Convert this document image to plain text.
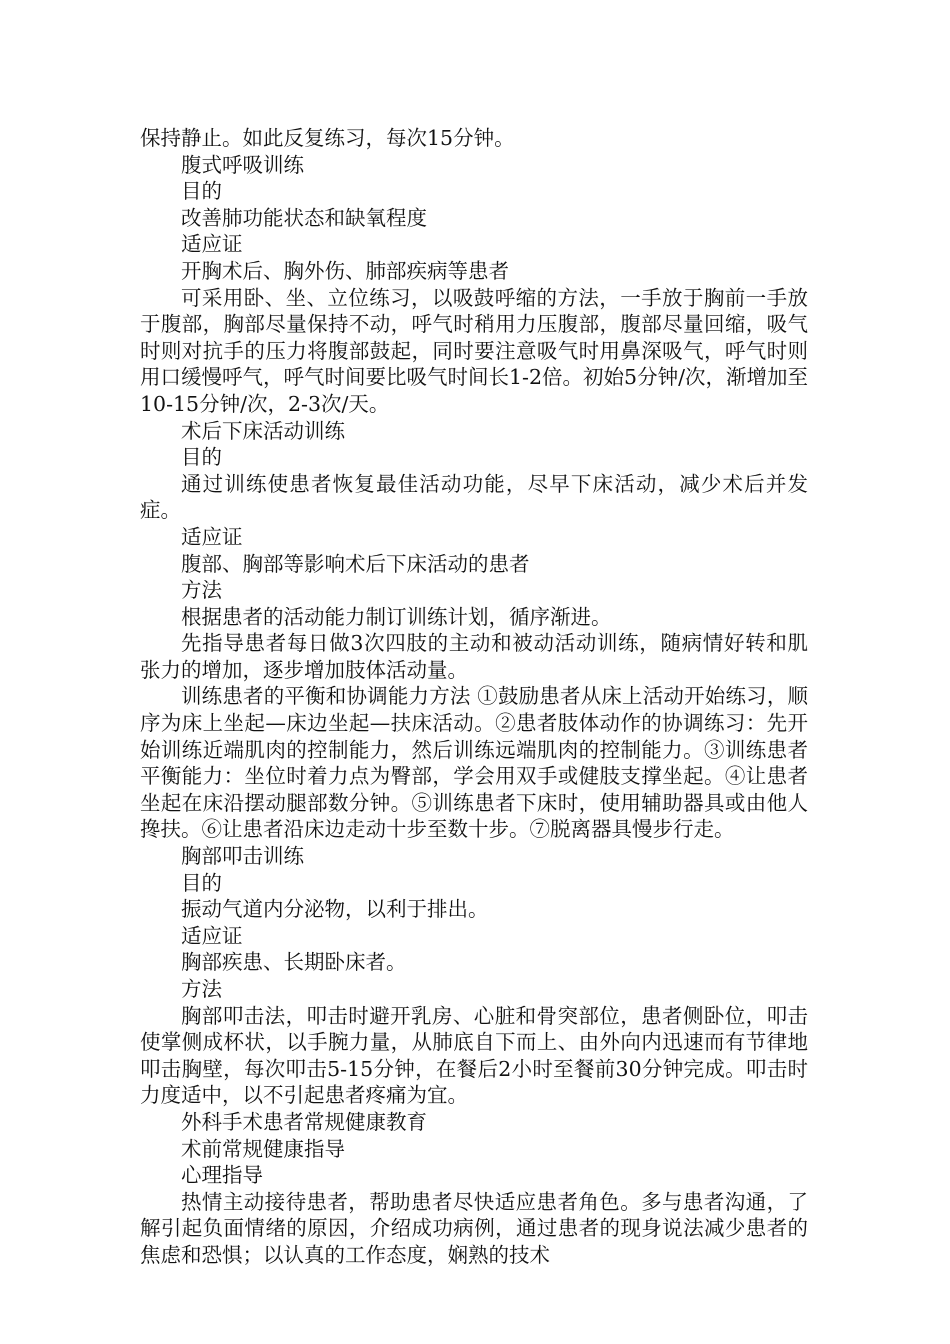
保持静止。如此反复练习，每次15分钟。

腹式呼吸训练

目的

改善肺功能状态和缺氧程度

适应证

开胸术后、胸外伤、肺部疾病等患者

可采用卧、坐、立位练习，以吸鼓呼缩的方法，一手放于胸前一手放于腹部，胸部尽量保持不动，呼气时稍用力压腹部，腹部尽量回缩，吸气时则对抗手的压力将腹部鼓起，同时要注意吸气时用鼻深吸气，呼气时则用口缓慢呼气，呼气时间要比吸气时间长1-2倍。初始5分钟/次，渐增加至10-15分钟/次，2-3次/天。

术后下床活动训练

目的

通过训练使患者恢复最佳活动功能，尽早下床活动，减少术后并发症。

适应证

腹部、胸部等影响术后下床活动的患者

方法

根据患者的活动能力制订训练计划，循序渐进。

先指导患者每日做3次四肢的主动和被动活动训练，随病情好转和肌张力的增加，逐步增加肢体活动量。

训练患者的平衡和协调能力方法 ①鼓励患者从床上活动开始练习，顺序为床上坐起—床边坐起—扶床活动。②患者肢体动作的协调练习：先开始训练近端肌肉的控制能力，然后训练远端肌肉的控制能力。③训练患者平衡能力：坐位时着力点为臀部，学会用双手或健肢支撑坐起。④让患者坐起在床沿摆动腿部数分钟。⑤训练患者下床时，使用辅助器具或由他人搀扶。⑥让患者沿床边走动十步至数十步。⑦脱离器具慢步行走。

胸部叩击训练

目的

振动气道内分泌物，以利于排出。

适应证

胸部疾患、长期卧床者。

方法

胸部叩击法，叩击时避开乳房、心脏和骨突部位，患者侧卧位，叩击使掌侧成杯状，以手腕力量，从肺底自下而上、由外向内迅速而有节律地叩击胸壁，每次叩击5-15分钟，在餐后2小时至餐前30分钟完成。叩击时力度适中，以不引起患者疼痛为宜。

外科手术患者常规健康教育

术前常规健康指导

心理指导

热情主动接待患者，帮助患者尽快适应患者角色。多与患者沟通，了解引起负面情绪的原因，介绍成功病例，通过患者的现身说法减少患者的焦虑和恐惧；以认真的工作态度，娴熟的技术
